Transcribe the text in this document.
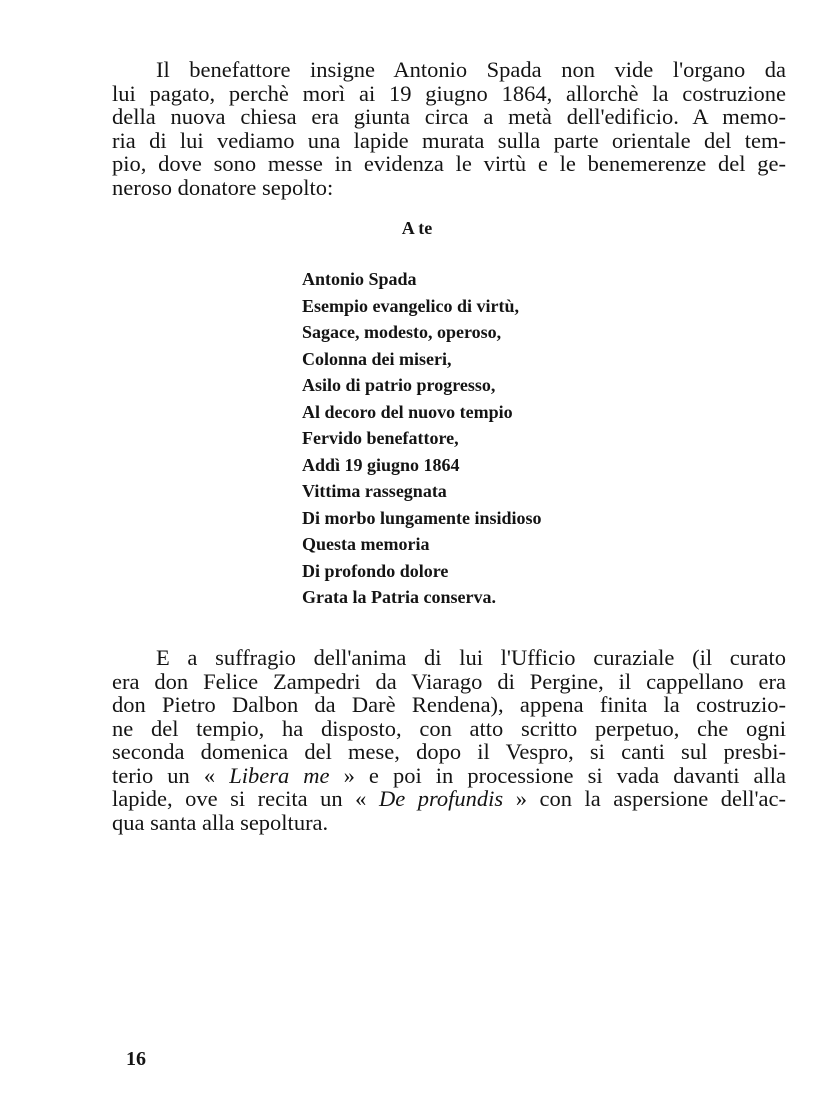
Il benefattore insigne Antonio Spada non vide l'organo da
lui pagato, perchè morì ai 19 giugno 1864, allorchè la costruzione
della nuova chiesa era giunta circa a metà dell'edificio. A memo-
ria di lui vediamo una lapide murata sulla parte orientale del tem-
pio, dove sono messe in evidenza le virtù e le benemerenze del ge-
neroso donatore sepolto:

A te

Antonio Spada
Esempio evangelico di virtù,
Sagace, modesto, operoso,
Colonna dei miseri,
Asilo di patrio progresso,
Al decoro del nuovo tempio
Fervido benefattore,
Addì 19 giugno 1864
Vittima rassegnata
Di morbo lungamente insidioso
Questa memoria
Di profondo dolore
Grata la Patria conserva.

E a suffragio dell'anima di lui l'Ufficio curaziale (il curato
era don Felice Zampedri da Viarago di Pergine, il cappellano era
don Pietro Dalbon da Darè Rendena), appena finita la costruzio-
ne del tempio, ha disposto, con atto scritto perpetuo, che ogni
seconda domenica del mese, dopo il Vespro, si canti sul presbi-
terio un « Libera me » e poi in processione si vada davanti alla
lapide, ove si recita un « De profundis » con la aspersione dell'ac-
qua santa alla sepoltura.

16
